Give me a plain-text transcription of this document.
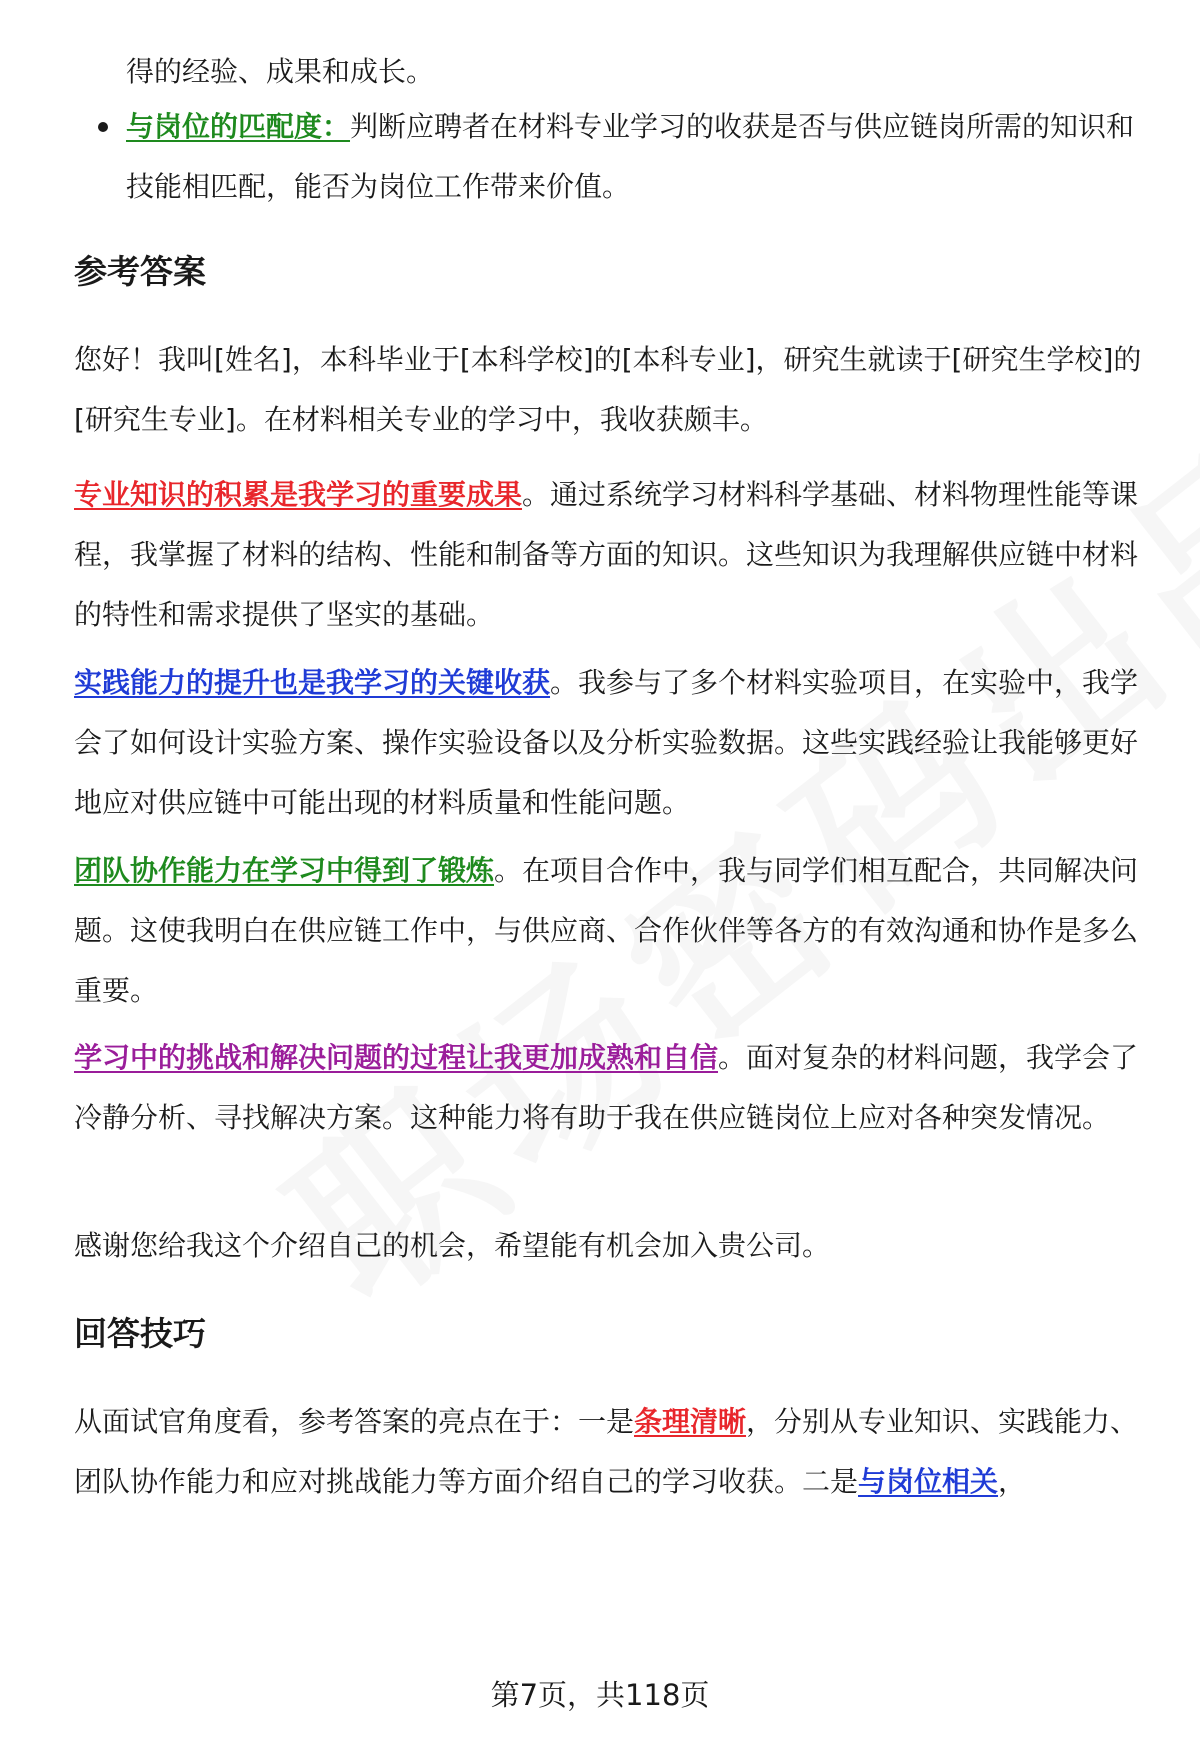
得的经验、成果和成长。

与岗位的匹配度：判断应聘者在材料专业学习的收获是否与供应链岗所需的知识和技能相匹配，能否为岗位工作带来价值。

参考答案

您好！我叫[姓名]，本科毕业于[本科学校]的[本科专业]，研究生就读于[研究生学校]的[研究生专业]。在材料相关专业的学习中，我收获颇丰。

专业知识的积累是我学习的重要成果。通过系统学习材料科学基础、材料物理性能等课程，我掌握了材料的结构、性能和制备等方面的知识。这些知识为我理解供应链中材料的特性和需求提供了坚实的基础。

实践能力的提升也是我学习的关键收获。我参与了多个材料实验项目，在实验中，我学会了如何设计实验方案、操作实验设备以及分析实验数据。这些实践经验让我能够更好地应对供应链中可能出现的材料质量和性能问题。

团队协作能力在学习中得到了锻炼。在项目合作中，我与同学们相互配合，共同解决问题。这使我明白在供应链工作中，与供应商、合作伙伴等各方的有效沟通和协作是多么重要。

学习中的挑战和解决问题的过程让我更加成熟和自信。面对复杂的材料问题，我学会了冷静分析、寻找解决方案。这种能力将有助于我在供应链岗位上应对各种突发情况。

感谢您给我这个介绍自己的机会，希望能有机会加入贵公司。

回答技巧

从面试官角度看，参考答案的亮点在于：一是条理清晰，分别从专业知识、实践能力、团队协作能力和应对挑战能力等方面介绍自己的学习收获。二是与岗位相关，

第7页，共118页
